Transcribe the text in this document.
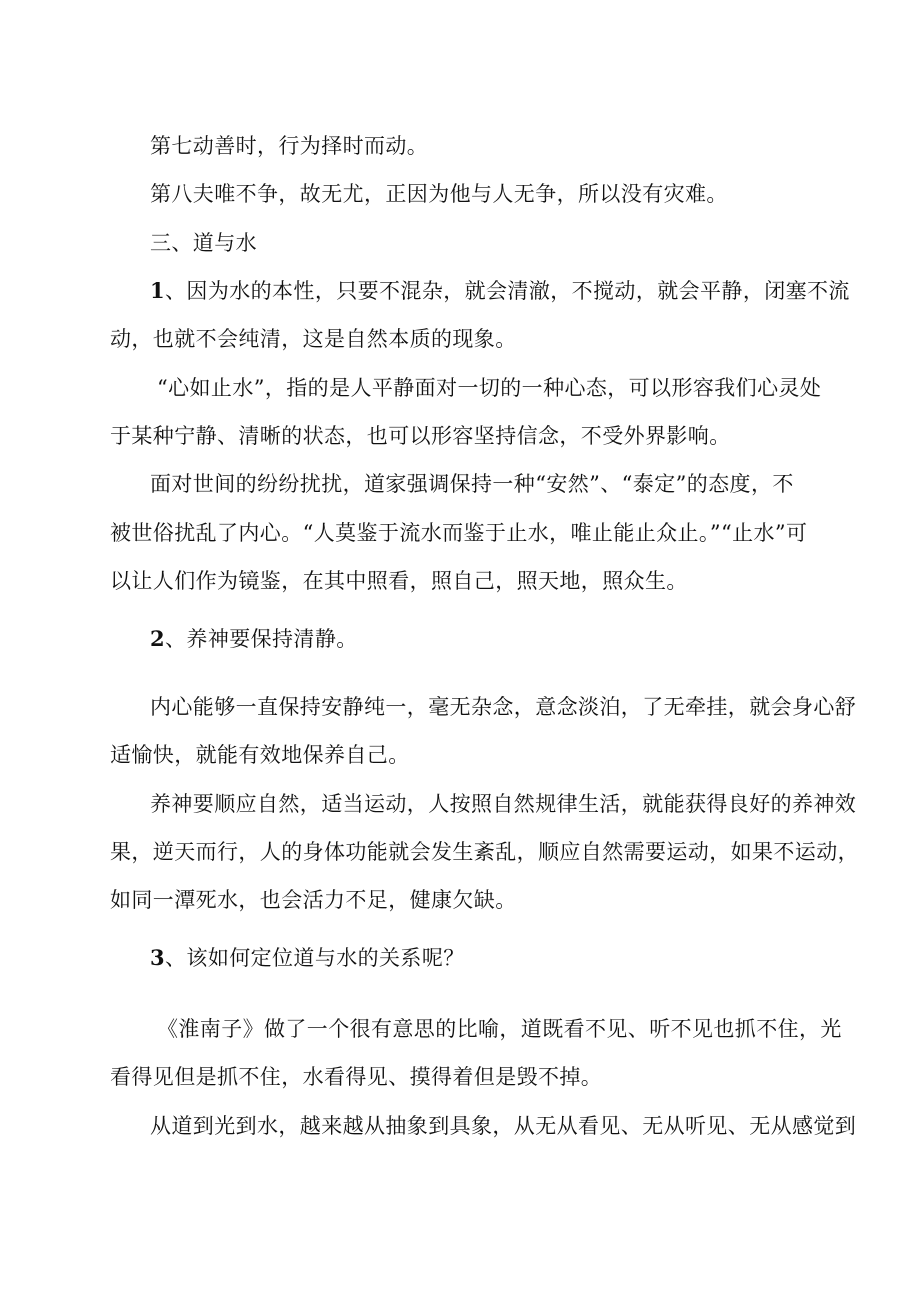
第七动善时，行为择时而动。
第八夫唯不争，故无尤，正因为他与人无争，所以没有灾难。
三、道与水
1、因为水的本性，只要不混杂，就会清澈，不搅动，就会平静，闭塞不流
动，也就不会纯清，这是自然本质的现象。
“心如止水”，指的是人平静面对一切的一种心态，可以形容我们心灵处
于某种宁静、清晰的状态，也可以形容坚持信念，不受外界影响。
面对世间的纷纷扰扰，道家强调保持一种“安然”、“泰定”的态度，不
被世俗扰乱了内心。“人莫鉴于流水而鉴于止水，唯止能止众止。”“止水”可
以让人们作为镜鉴，在其中照看，照自己，照天地，照众生。
2、养神要保持清静。
内心能够一直保持安静纯一，毫无杂念，意念淡泊，了无牵挂，就会身心舒
适愉快，就能有效地保养自己。
养神要顺应自然，适当运动，人按照自然规律生活，就能获得良好的养神效
果，逆天而行，人的身体功能就会发生紊乱，顺应自然需要运动，如果不运动，
如同一潭死水，也会活力不足，健康欠缺。
3、该如何定位道与水的关系呢？
《淮南子》做了一个很有意思的比喻，道既看不见、听不见也抓不住，光
看得见但是抓不住，水看得见、摸得着但是毁不掉。
从道到光到水，越来越从抽象到具象，从无从看见、无从听见、无从感觉到
